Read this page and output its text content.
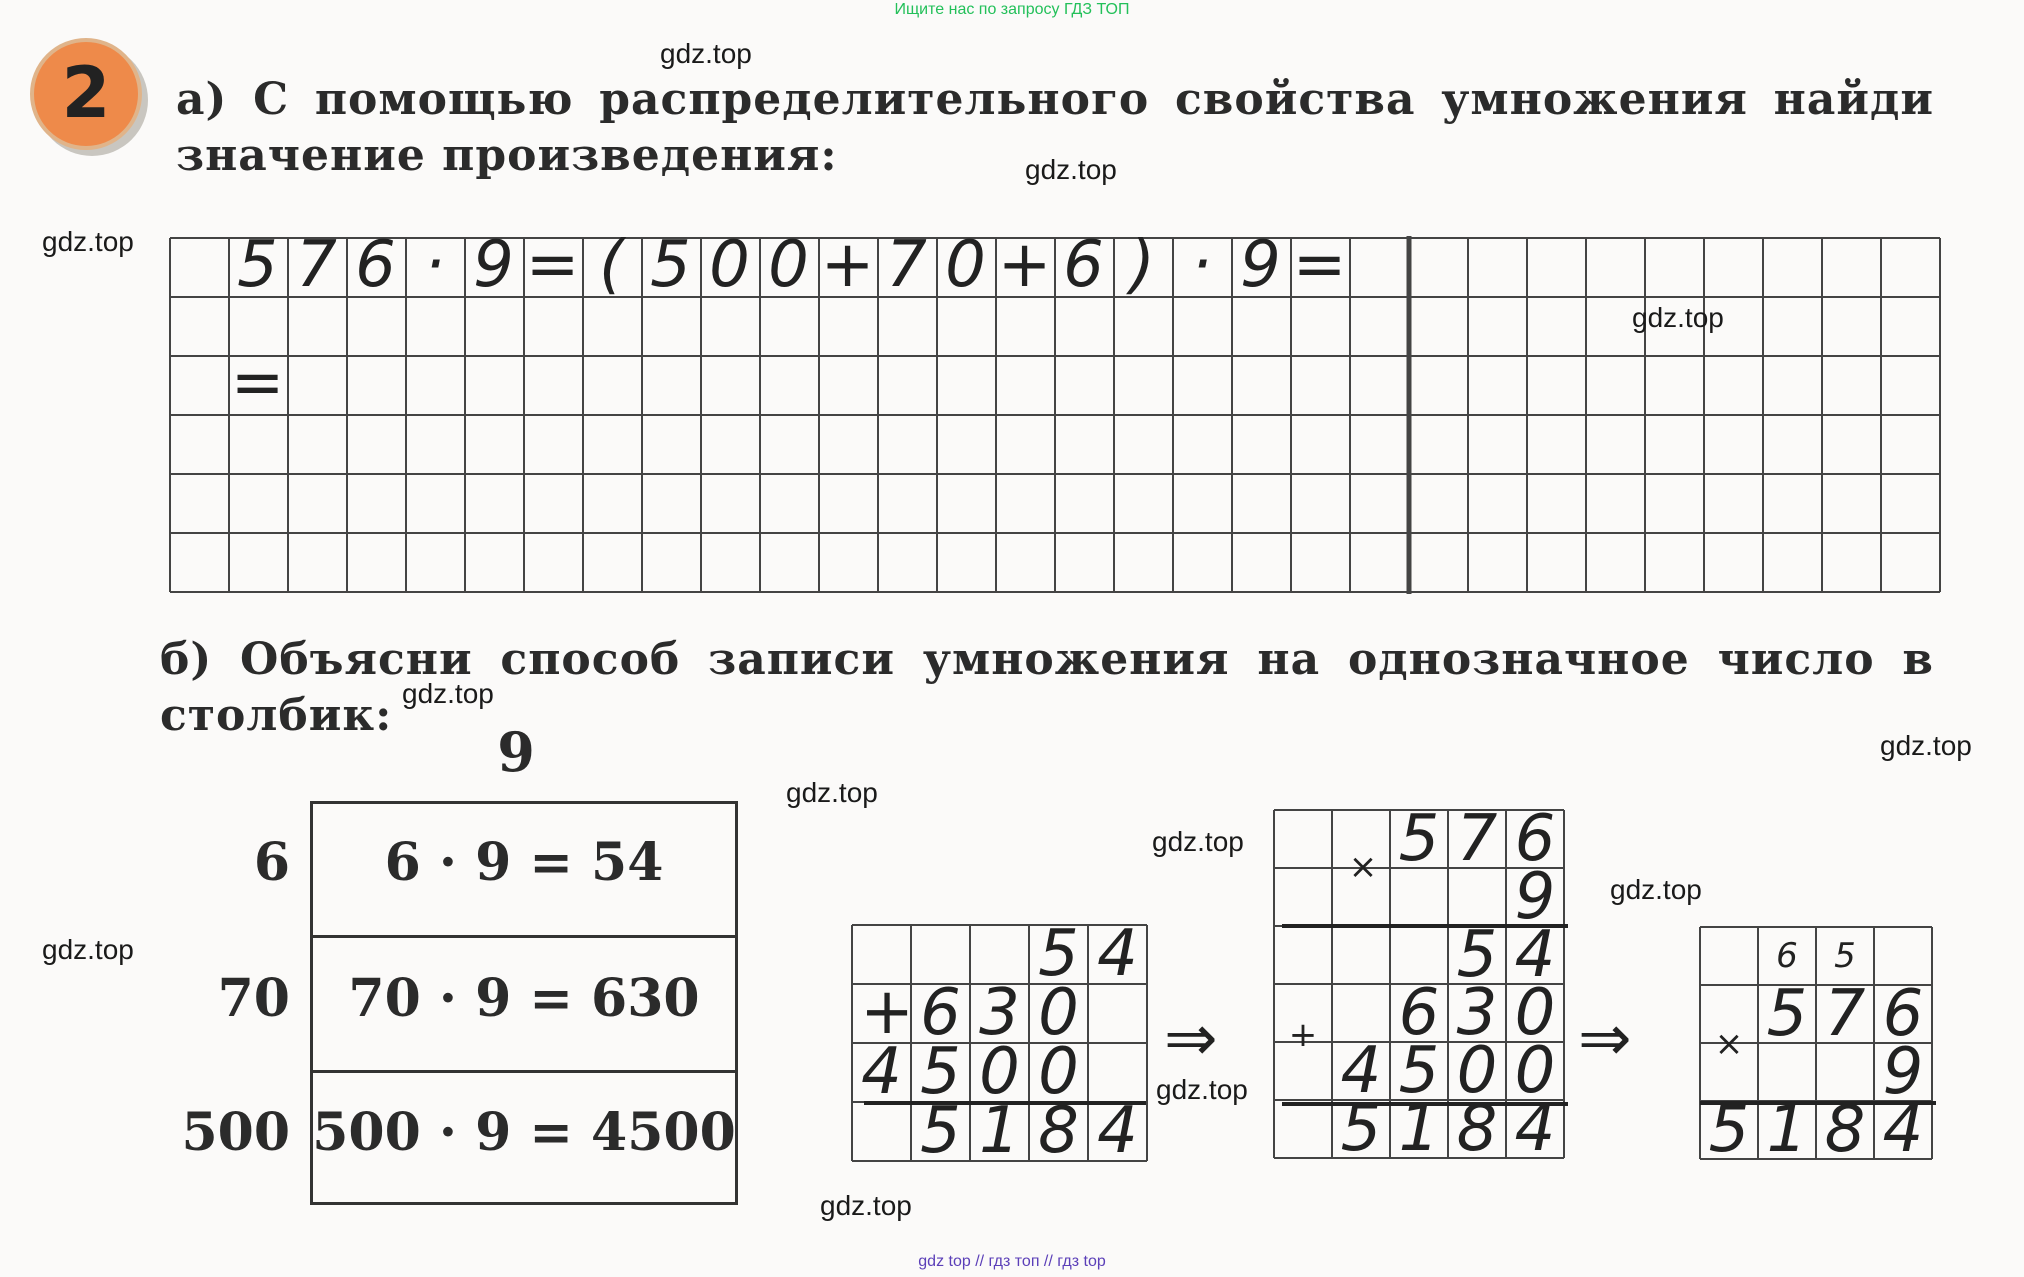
Ищите нас по запросу ГДЗ ТОП
gdz top // гдз топ // гдз top
2	а) С помощью распределительного свойства умножения найди
значение произведения:
5 7 6 · 9 = ( 5 0 0 + 7 0 + 6 ) · 9 =
=
б) Объясни способ записи умножения на однозначное число в
столбик:
9
6
70
500
6 · 9 = 54
70 · 9 = 630
500 · 9 = 4500
+
5 4
6 3 0
4 5 0 0
5 1 8 4
⇒
×
+
5 7 6
9
5 4
6 3 0
4 5 0 0
5 1 8 4
⇒
6	5
× 5 7 6
9
5 1 8 4
gdz.top
gdz.top
gdz.top
gdz.top
gdz.top
gdz.top
gdz.top
gdz.top
gdz.top
gdz.top
gdz.top
gdz.top
